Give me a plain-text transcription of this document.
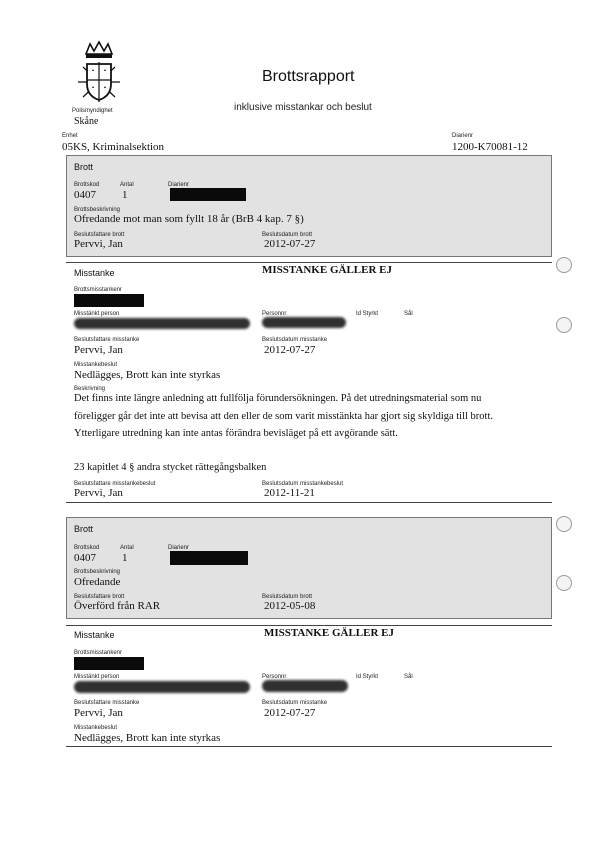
Brottsrapport
inklusive misstankar och beslut
Polismyndighet
Skåne
Enhet
05KS, Kriminalsektion
Diarienr
1200-K70081-12
Brott
Brottskod
0407
Antal
1
Diarienr
Brottsbeskrivning
Ofredande mot man som fyllt 18 år (BrB 4 kap. 7 §)
Beslutsfattare brott
Pervvi, Jan
Beslutsdatum brott
2012-07-27
Misstanke	MISSTANKE GÄLLER EJ
Brottsmisstankenr
Misstänkt person	Personnr	Id Styrkt	Sål
Beslutsfattare misstanke
Pervvi, Jan
Beslutsdatum misstanke
2012-07-27
Misstankebeslut
Nedlägges, Brott kan inte styrkas
Beskrivning
Det finns inte längre anledning att fullfölja förundersökningen. På det utredningsmaterial som nu
föreligger går det inte att bevisa att den eller de som varit misstänkta har gjort sig skyldiga till brott.
Ytterligare utredning kan inte antas förändra bevisläget på ett avgörande sätt.
23 kapitlet 4 § andra stycket rättegångsbalken
Beslutsfattare misstankebeslut
Pervvi, Jan
Beslutsdatum misstankebeslut
2012-11-21
Brott
Brottskod
0407
Antal
1
Diarienr
Brottsbeskrivning
Ofredande
Beslutsfattare brott
Överförd från RAR
Beslutsdatum brott
2012-05-08
Misstanke	MISSTANKE GÄLLER EJ
Brottsmisstankenr
Misstänkt person	Personnr	Id Styrkt	Sål
Beslutsfattare misstanke
Pervvi, Jan
Beslutsdatum misstanke
2012-07-27
Misstankebeslut
Nedlägges, Brott kan inte styrkas
